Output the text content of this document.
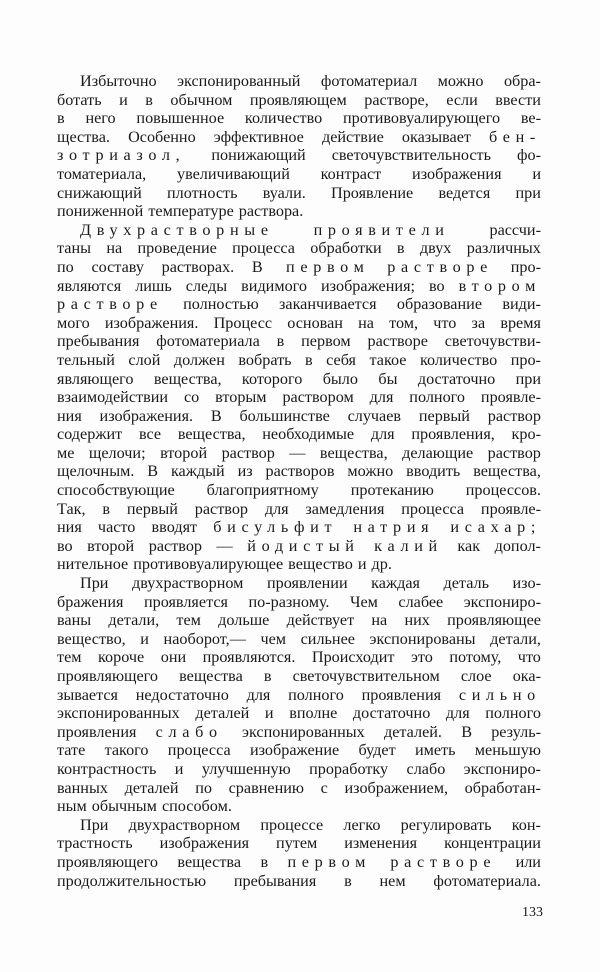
Избыточно экспонированный фотоматериал можно обра-
ботать и в обычном проявляющем растворе, если ввести
в него повышенное количество противовуалирующего ве-
щества. Особенно эффективное действие оказывает бен-
зотриазол, понижающий светочувствительность фо-
томатериала, увеличивающий контраст изображения и
снижающий плотность вуали. Проявление ведется при
пониженной температуре раствора.
Двухрастворные проявители рассчи-
таны на проведение процесса обработки в двух различных
по составу растворах. В первом растворе про-
являются лишь следы видимого изображения; во втором
растворе полностью заканчивается образование види-
мого изображения. Процесс основан на том, что за время
пребывания фотоматериала в первом растворе светочувстви-
тельный слой должен вобрать в себя такое количество про-
являющего вещества, которого было бы достаточно при
взаимодействии со вторым раствором для полного проявле-
ния изображения. В большинстве случаев первый раствор
содержит все вещества, необходимые для проявления, кро-
ме щелочи; второй раствор — вещества, делающие раствор
щелочным. В каждый из растворов можно вводить вещества,
способствующие благоприятному протеканию процессов.
Так, в первый раствор для замедления процесса проявле-
ния часто вводят бисульфит натрия исахар;
во второй раствор — йодистый калий как допол-
нительное противовуалирующее вещество и др.
При двухрастворном проявлении каждая деталь изо-
бражения проявляется по-разному. Чем слабее экспониро-
ваны детали, тем дольше действует на них проявляющее
вещество, и наоборот,— чем сильнее экспонированы детали,
тем короче они проявляются. Происходит это потому, что
проявляющего вещества в светочувствительном слое ока-
зывается недостаточно для полного проявления сильно
экспонированных деталей и вполне достаточно для полного
проявления слабо экспонированных деталей. В резуль-
тате такого процесса изображение будет иметь меньшую
контрастность и улучшенную проработку слабо экспониро-
ванных деталей по сравнению с изображением, обработан-
ным обычным способом.
При двухрастворном процессе легко регулировать кон-
трастность изображения путем изменения концентрации
проявляющего вещества в первом растворе или
продолжительностью пребывания в нем фотоматериала.
133
